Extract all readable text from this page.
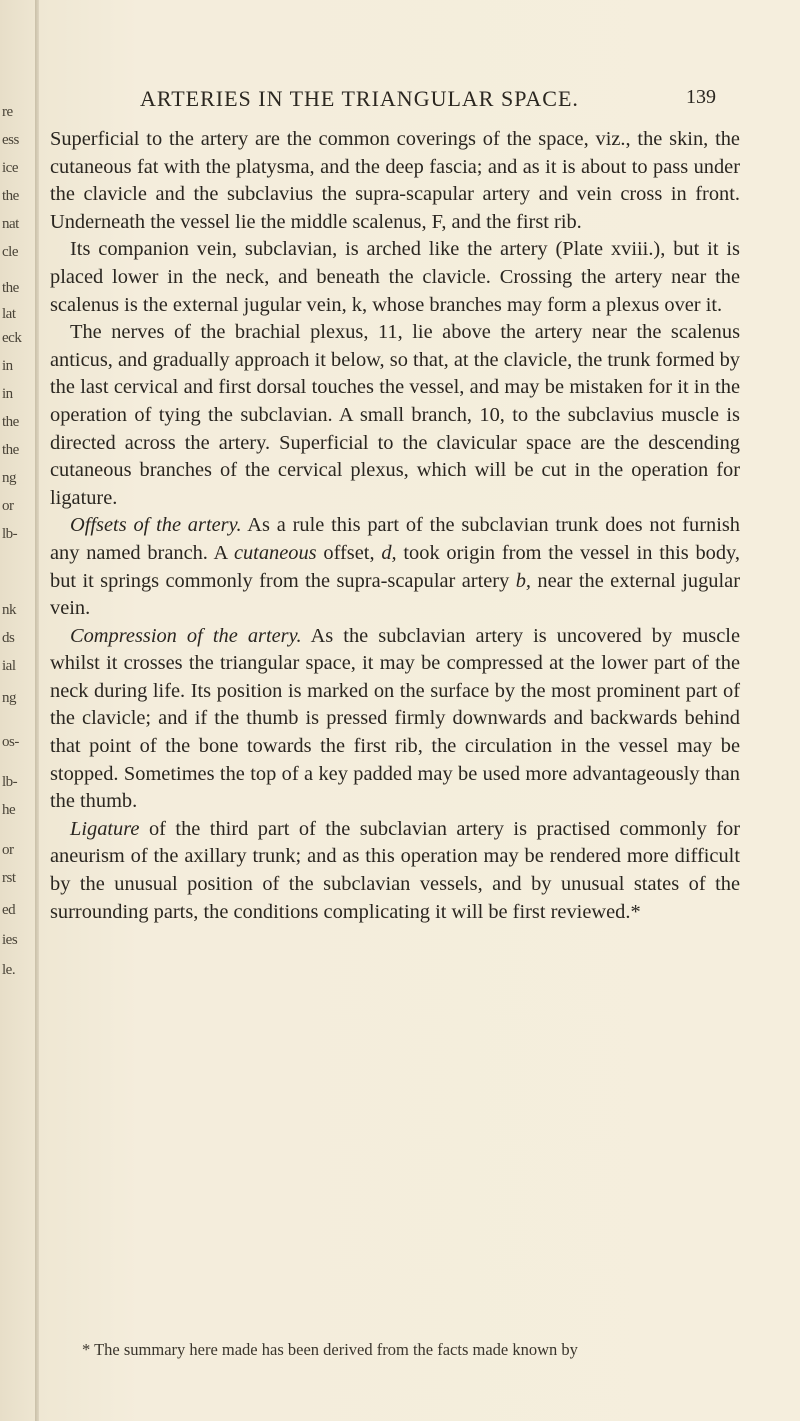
re
ess
ice
the
nat
cle
the
lat
eck
in
in
the
the
ng
or
lb-
nk
ds
ial
ng
os-
lb-
he
or
rst
ed
ies
le.
ARTERIES IN THE TRIANGULAR SPACE.	139

Superficial to the artery are the common coverings of the space, viz., the skin, the cutaneous fat with the platysma, and the deep fascia; and as it is about to pass under the clavicle and the subclavius the supra-scapular artery and vein cross in front. Underneath the vessel lie the middle scalenus, F, and the first rib.

Its companion vein, subclavian, is arched like the artery (Plate xviii.), but it is placed lower in the neck, and beneath the clavicle. Crossing the artery near the scalenus is the external jugular vein, k, whose branches may form a plexus over it.

The nerves of the brachial plexus, 11, lie above the artery near the scalenus anticus, and gradually approach it below, so that, at the clavicle, the trunk formed by the last cervical and first dorsal touches the vessel, and may be mistaken for it in the operation of tying the subclavian. A small branch, 10, to the subclavius muscle is directed across the artery. Superficial to the clavicular space are the descending cutaneous branches of the cervical plexus, which will be cut in the operation for ligature.

Offsets of the artery. As a rule this part of the subclavian trunk does not furnish any named branch. A cutaneous offset, d, took origin from the vessel in this body, but it springs commonly from the supra-scapular artery b, near the external jugular vein.

Compression of the artery. As the subclavian artery is uncovered by muscle whilst it crosses the triangular space, it may be compressed at the lower part of the neck during life. Its position is marked on the surface by the most prominent part of the clavicle; and if the thumb is pressed firmly downwards and backwards behind that point of the bone towards the first rib, the circulation in the vessel may be stopped. Sometimes the top of a key padded may be used more advantageously than the thumb.

Ligature of the third part of the subclavian artery is practised commonly for aneurism of the axillary trunk; and as this operation may be rendered more difficult by the unusual position of the subclavian vessels, and by unusual states of the surrounding parts, the conditions complicating it will be first reviewed.*

* The summary here made has been derived from the facts made known by
